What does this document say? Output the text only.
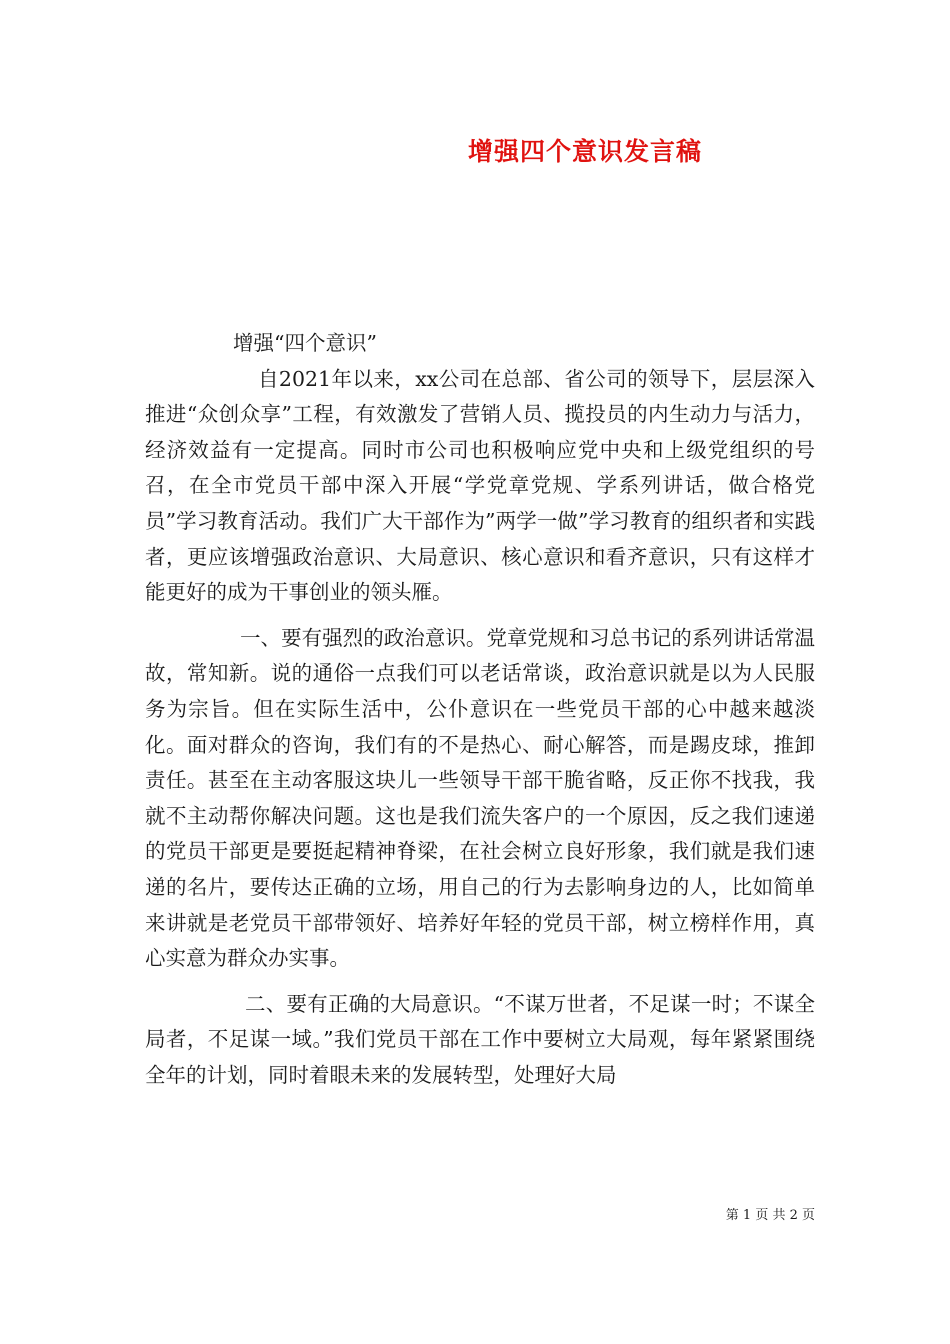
增强四个意识发言稿

增强“四个意识”

自2021年以来，xx公司在总部、省公司的领导下，层层深入推进“众创众享”工程，有效激发了营销人员、揽投员的内生动力与活力，经济效益有一定提高。同时市公司也积极响应党中央和上级党组织的号召，在全市党员干部中深入开展“学党章党规、学系列讲话，做合格党员”学习教育活动。我们广大干部作为”两学一做”学习教育的组织者和实践者，更应该增强政治意识、大局意识、核心意识和看齐意识，只有这样才能更好的成为干事创业的领头雁。

一、要有强烈的政治意识。党章党规和习总书记的系列讲话常温故，常知新。说的通俗一点我们可以老话常谈，政治意识就是以为人民服务为宗旨。但在实际生活中，公仆意识在一些党员干部的心中越来越淡化。面对群众的咨询，我们有的不是热心、耐心解答，而是踢皮球，推卸责任。甚至在主动客服这块儿一些领导干部干脆省略，反正你不找我，我就不主动帮你解决问题。这也是我们流失客户的一个原因，反之我们速递的党员干部更是要挺起精神脊梁，在社会树立良好形象，我们就是我们速递的名片，要传达正确的立场，用自己的行为去影响身边的人，比如简单来讲就是老党员干部带领好、培养好年轻的党员干部，树立榜样作用，真心实意为群众办实事。

二、要有正确的大局意识。“不谋万世者，不足谋一时；不谋全局者，不足谋一域。”我们党员干部在工作中要树立大局观，每年紧紧围绕全年的计划，同时着眼未来的发展转型，处理好大局

第 1 页 共 2 页
